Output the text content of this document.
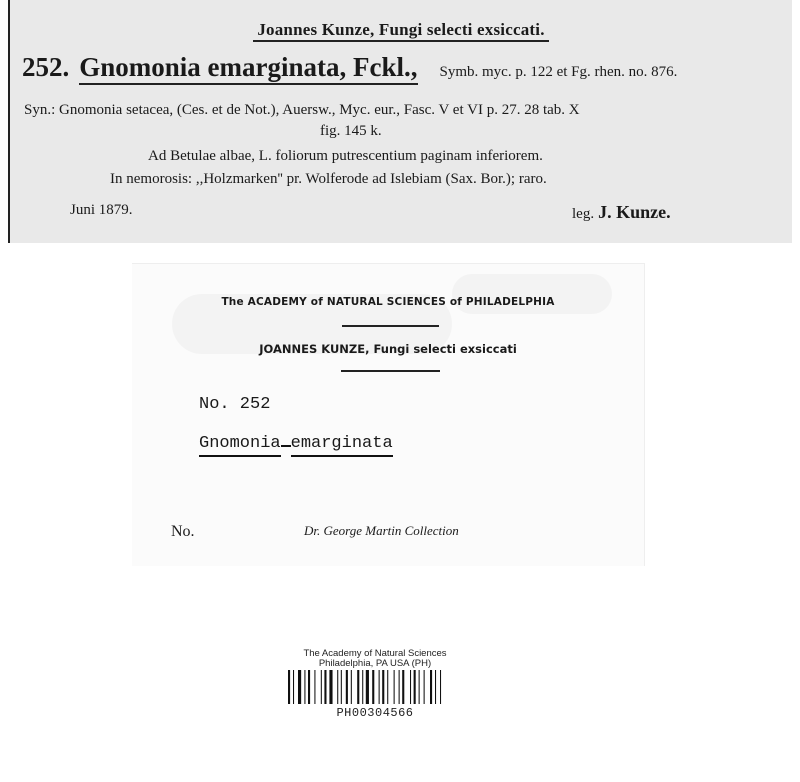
Joannes Kunze, Fungi selecti exsiccati.
252. Gnomonia emarginata, Fckl., Symb. myc. p. 122 et Fg. rhen. no. 876.
Syn.: Gnomonia setacea, (Ces. et de Not.), Auersw., Myc. eur., Fasc. V et VI p. 27. 28 tab. X
fig. 145 k.
Ad Betulae albae, L. foliorum putrescentium paginam inferiorem.
In nemorosis: ,,Holzmarken'' pr. Wolferode ad Islebiam (Sax. Bor.); raro.
Juni 1879.	leg. J. Kunze.
The ACADEMY of NATURAL SCIENCES of PHILADELPHIA
JOANNES KUNZE, Fungi selecti exsiccati
No. 252
Gnomonia emarginata
No.	Dr. George Martin Collection
The Academy of Natural Sciences
Philadelphia, PA USA (PH)
PH00304566
